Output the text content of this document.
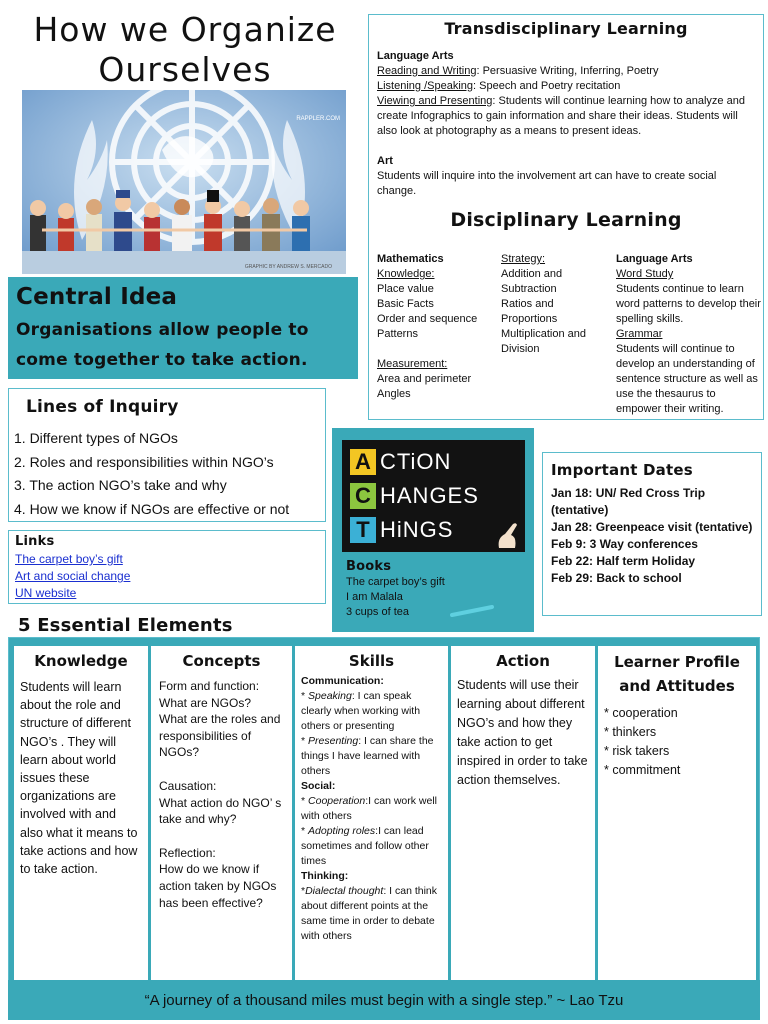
How we Organize
Ourselves
RAPPLER.COM
GRAPHIC BY ANDREW S. MERCADO
Central Idea
Organisations allow people to come together to take action.
Lines of Inquiry
1. Different types of NGOs
2. Roles and responsibilities within NGO’s
3. The action NGO’s take and why
4. How we know if NGOs are effective or not
Links
The carpet boy’s gift
Art and social change
UN website
Transdisciplinary Learning
Language Arts
Reading and Writing: Persuasive Writing, Inferring, Poetry
Listening /Speaking: Speech and Poetry recitation
Viewing and Presenting: Students will continue learning how to analyze and create Infographics to gain information and share their ideas. Students will also look at photography as a means to present ideas.
Art
Students will inquire into the involvement art can have to create social change.
Disciplinary Learning
Mathematics
Knowledge:
Place value
Basic Facts
Order and sequence
Patterns
Measurement:
Area and perimeter
Angles
Strategy:
Addition and
Subtraction
Ratios and
Proportions
Multiplication and
Division
Language Arts
Word Study
Students continue to learn word patterns to develop their spelling skills.
Grammar
Students will continue to develop an understanding of sentence structure as well as use the thesaurus to empower their writing.
A CTiON
C HANGES
T HiNGS
Books
The carpet boy’s gift
I am Malala
3 cups of tea
Important Dates
Jan 18: UN/ Red Cross Trip (tentative)
Jan 28: Greenpeace visit (tentative)
Feb 9: 3 Way conferences
Feb 22: Half term Holiday
Feb 29: Back to school
5 Essential Elements
Knowledge
Students will learn about the role and structure of different NGO’s . They will learn about world issues these organizations are involved with and also what it means to take actions and how to take action.
Concepts
Form and function:
What are NGOs?
What are the roles and responsibilities of NGOs?
Causation:
What action do NGO’ s take and why?
Reflection:
How do we know if action taken by NGOs has been effective?
Skills
Communication:
* Speaking: I can speak clearly when working with others or presenting
* Presenting: I can share the things I have learned with others
Social:
* Cooperation:I can work well with others
* Adopting roles:I can lead sometimes and follow other times
Thinking:
*Dialectal thought: I can think about different points at the same time in order to debate with others
Action
Students will use their learning about different NGO’s and how they take action to get inspired in order to take action themselves.
Learner Profile
and Attitudes
* cooperation
* thinkers
* risk takers
* commitment
“A journey of a thousand miles must begin with a single step.” ~ Lao Tzu
